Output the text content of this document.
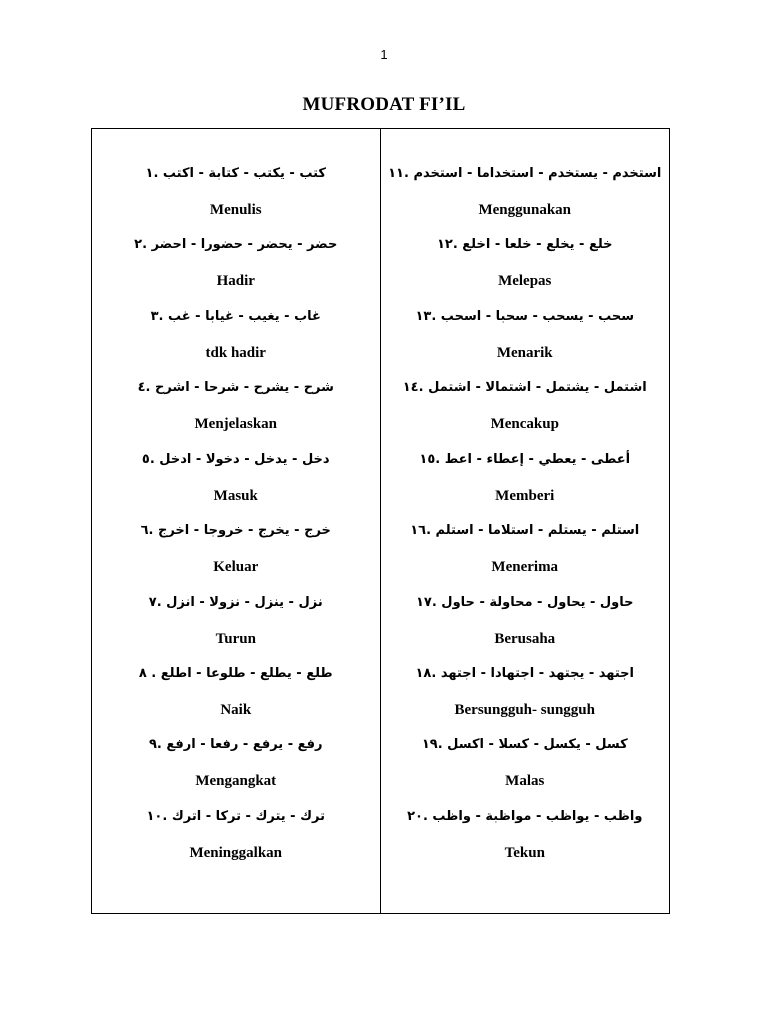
1
MUFRODAT FI’IL
كتب - يكتب - كتابة - اكتب .١
Menulis
حضر - يحضر - حضورا - احضر .٢
Hadir
غاب - يغيب - غيابا - غب .٣
tdk hadir
شرح - يشرح - شرحا - اشرح .٤
Menjelaskan
دخل - يدخل - دخولا - ادخل .٥
Masuk
خرج - يخرج - خروجا - اخرج .٦
Keluar
نزل - ينزل - نزولا - انزل .٧
Turun
طلع - يطلع - طلوعا - اطلع . ٨
Naik
رفع - يرفع - رفعا - ارفع .٩
Mengangkat
ترك - يترك - تركا - اترك .١٠
Meninggalkan
استخدم - يستخدم - استخداما - استخدم .١١
Menggunakan
خلع - يخلع - خلعا - اخلع .١٢
Melepas
سحب - يسحب - سحبا - اسحب .١٣
Menarik
اشتمل - يشتمل - اشتمالا - اشتمل .١٤
Mencakup
أعطى - يعطي - إعطاء - اعط .١٥
Memberi
استلم - يستلم - استلاما - استلم .١٦
Menerima
حاول - يحاول - محاولة - حاول .١٧
Berusaha
اجتهد - يجتهد - اجتهادا - اجتهد .١٨
Bersungguh- sungguh
كسل - يكسل - كسلا - اكسل .١٩
Malas
واظب - يواظب - مواظبة - واظب .٢٠
Tekun
